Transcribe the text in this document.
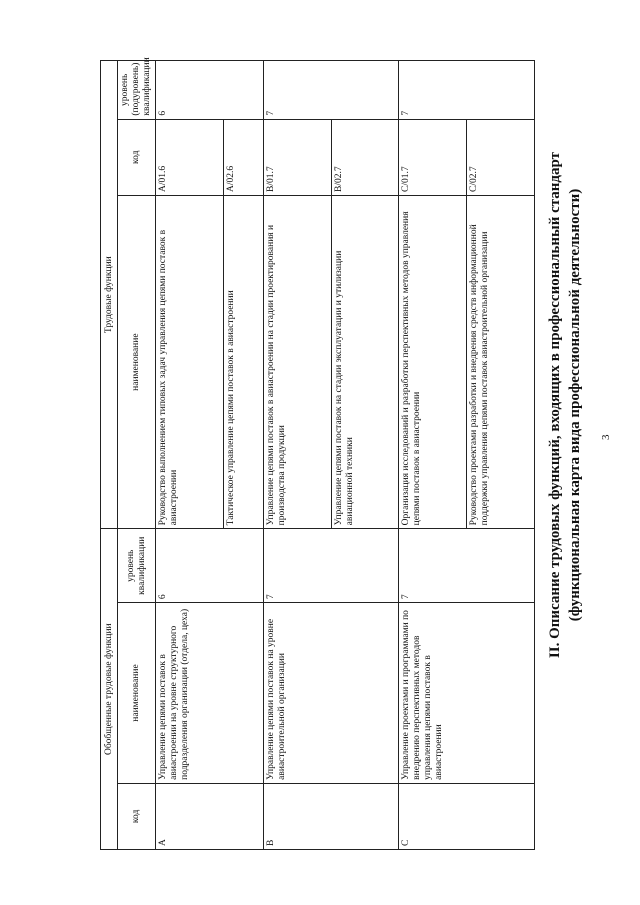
3
II. Описание трудовых функций, входящих в профессиональный стандарт (функциональная карта вида профессиональной деятельности)
Обобщенные трудовые функции			Трудовые функции		
код	наименование	уровень квалификации	наименование	код	уровень (подуровень) квалификации
A	Управление цепями поставок в авиастроении на уровне структурного подразделения организации (отдела, цеха)	6	Руководство выполнением типовых задач управления цепями поставок в авиастроении	A/01.6	6
			Тактическое управление цепями поставок в авиастроении	A/02.6	
B	Управление цепями поставок на уровне авиастроительной организации	7	Управление цепями поставок в авиастроении на стадии проектирования и производства продукции	B/01.7	7
			Управление цепями поставок на стадии эксплуатации и утилизации авиационной техники	B/02.7	
C	Управление проектами и программами по внедрению перспективных методов управления цепями поставок в авиастроении	7	Организация исследований и разработки перспективных методов управления цепями поставок в авиастроении	C/01.7	7
			Руководство проектами разработки и внедрения средств информационной поддержки управления цепями поставок авиастроительной организации	C/02.7	
